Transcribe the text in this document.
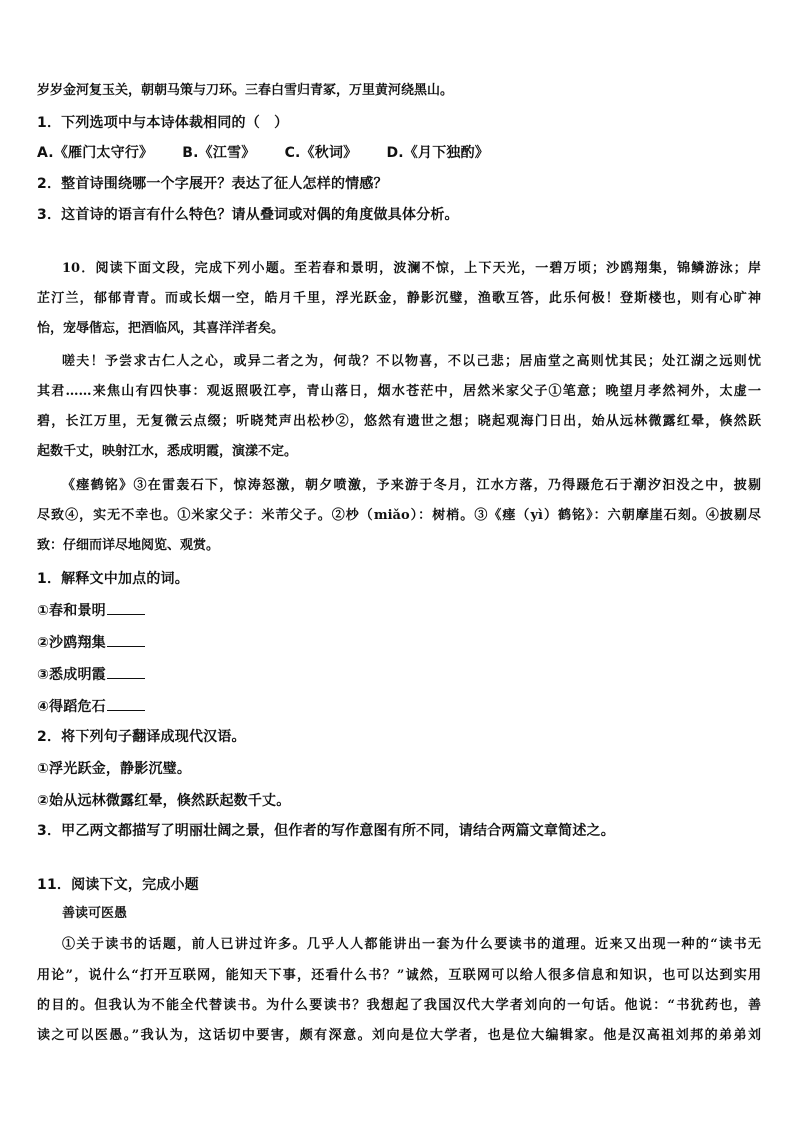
岁岁金河复玉关，朝朝马策与刀环。三春白雪归青冢，万里黄河绕黑山。
1．下列选项中与本诗体裁相同的（　）
A.《雁门太守行》 B.《江雪》 C.《秋词》 D.《月下独酌》
2．整首诗围绕哪一个字展开？表达了征人怎样的情感？
3．这首诗的语言有什么特色？请从叠词或对偶的角度做具体分析。
10．阅读下面文段，完成下列小题。至若春和景明，波澜不惊，上下天光，一碧万顷；沙鸥翔集，锦鳞游泳；岸
芷汀兰，郁郁青青。而或长烟一空，皓月千里，浮光跃金，静影沉璧，渔歌互答，此乐何极！登斯楼也，则有心旷神
怡，宠辱偕忘，把酒临风，其喜洋洋者矣。
嗟夫！予尝求古仁人之心，或异二者之为，何哉？不以物喜，不以己悲；居庙堂之高则忧其民；处江湖之远则忧
其君……来焦山有四快事：观返照吸江亭，青山落日，烟水苍茫中，居然米家父子①笔意；晚望月孝然祠外，太虚一
碧，长江万里，无复微云点缀；听晓梵声出松杪②，悠然有遗世之想；晓起观海门日出，始从远林微露红晕，倏然跃
起数千丈，映射江水，悉成明霞，演漾不定。
《瘗鹤铭》③在雷轰石下，惊涛怒激，朝夕喷激，予来游于冬月，江水方落，乃得蹑危石于潮汐汩没之中，披剔
尽致④，实无不幸也。①米家父子：米芾父子。②杪（miǎo）：树梢。③《瘗（yì）鹤铭》：六朝摩崖石刻。④披剔尽
致：仔细而详尽地阅览、观赏。
1．解释文中加点的词。
①春和景明
②沙鸥翔集
③悉成明霞
④得蹈危石
2．将下列句子翻译成现代汉语。
①浮光跃金，静影沉璧。
②始从远林微露红晕，倏然跃起数千丈。
3．甲乙两文都描写了明丽壮阔之景，但作者的写作意图有所不同，请结合两篇文章简述之。
11．阅读下文，完成小题
善读可医愚
①关于读书的话题，前人已讲过许多。几乎人人都能讲出一套为什么要读书的道理。近来又出现一种的“读书无
用论”，说什么“打开互联网，能知天下事，还看什么书？”诚然，互联网可以给人很多信息和知识，也可以达到实用
的目的。但我认为不能全代替读书。为什么要读书？我想起了我国汉代大学者刘向的一句话。他说：“书犹药也，善
读之可以医愚。”我认为，这话切中要害，颇有深意。刘向是位大学者，也是位大编辑家。他是汉高祖刘邦的弟弟刘
